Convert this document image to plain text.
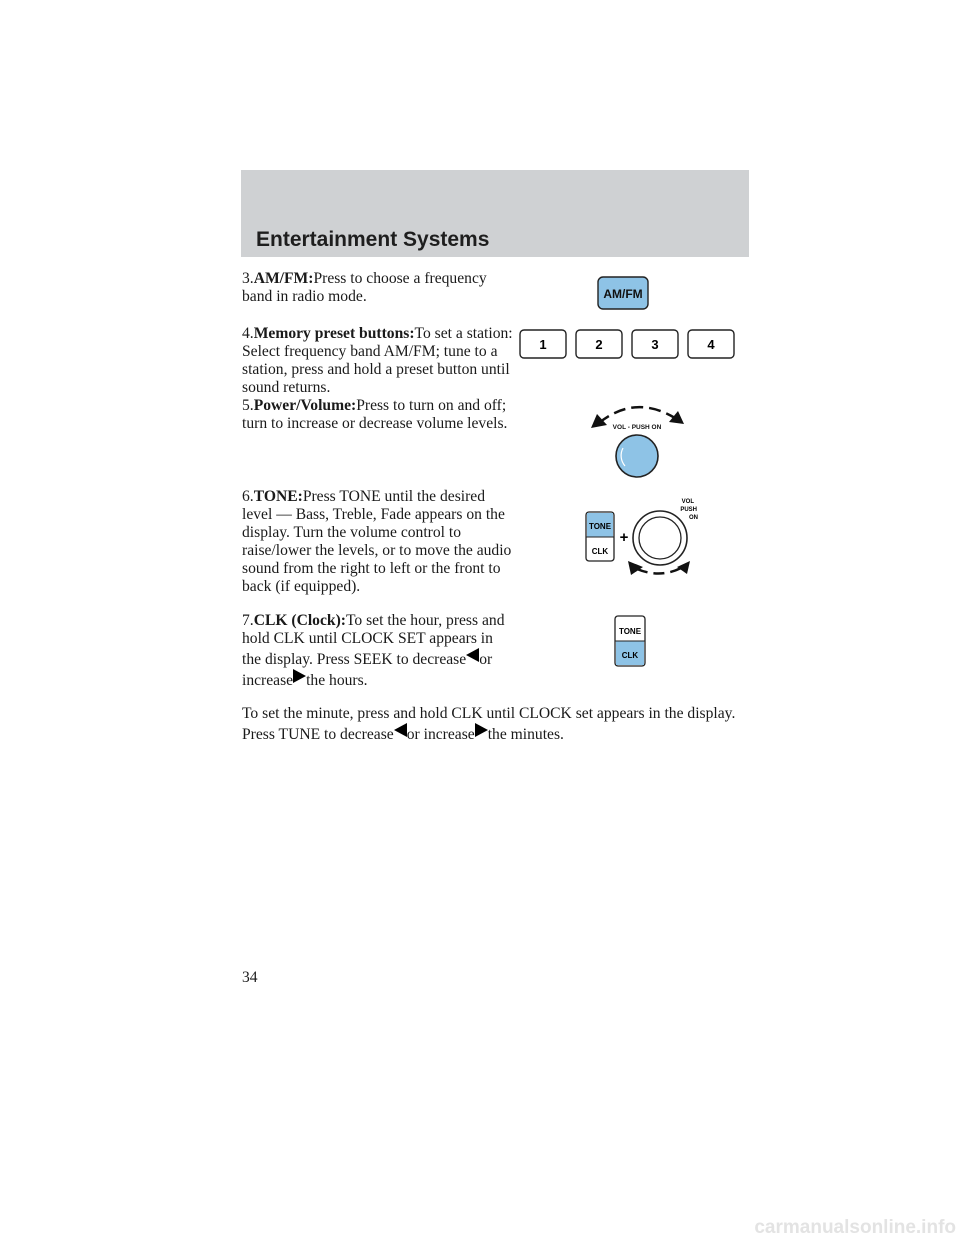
Entertainment Systems
3.AM/FM:Press to choose a frequency band in radio mode.	AM/FM
4.Memory preset buttons:To set a station: Select frequency band AM/FM; tune to a station, press and hold a preset button until sound returns.
1	2	3	4
5.Power/Volume:Press to turn on and off; turn to increase or decrease volume levels.	VOL - PUSH ON
6.TONE:Press TONE until the desired level — Bass, Treble, Fade appears on the display. Turn the volume control to raise/lower the levels, or to move the audio sound from the right to left or the front to back (if equipped).
TONE
CLK
+
VOL
PUSH
ON
7.CLK (Clock):To set the hour, press and hold CLK until CLOCK SET appears in the display. Press SEEK to decrease or increase the hours.
TONE
CLK
To set the minute, press and hold CLK until CLOCK set appears in the display. Press TUNE to decrease or increase the minutes.
34
carmanualsonline.info
